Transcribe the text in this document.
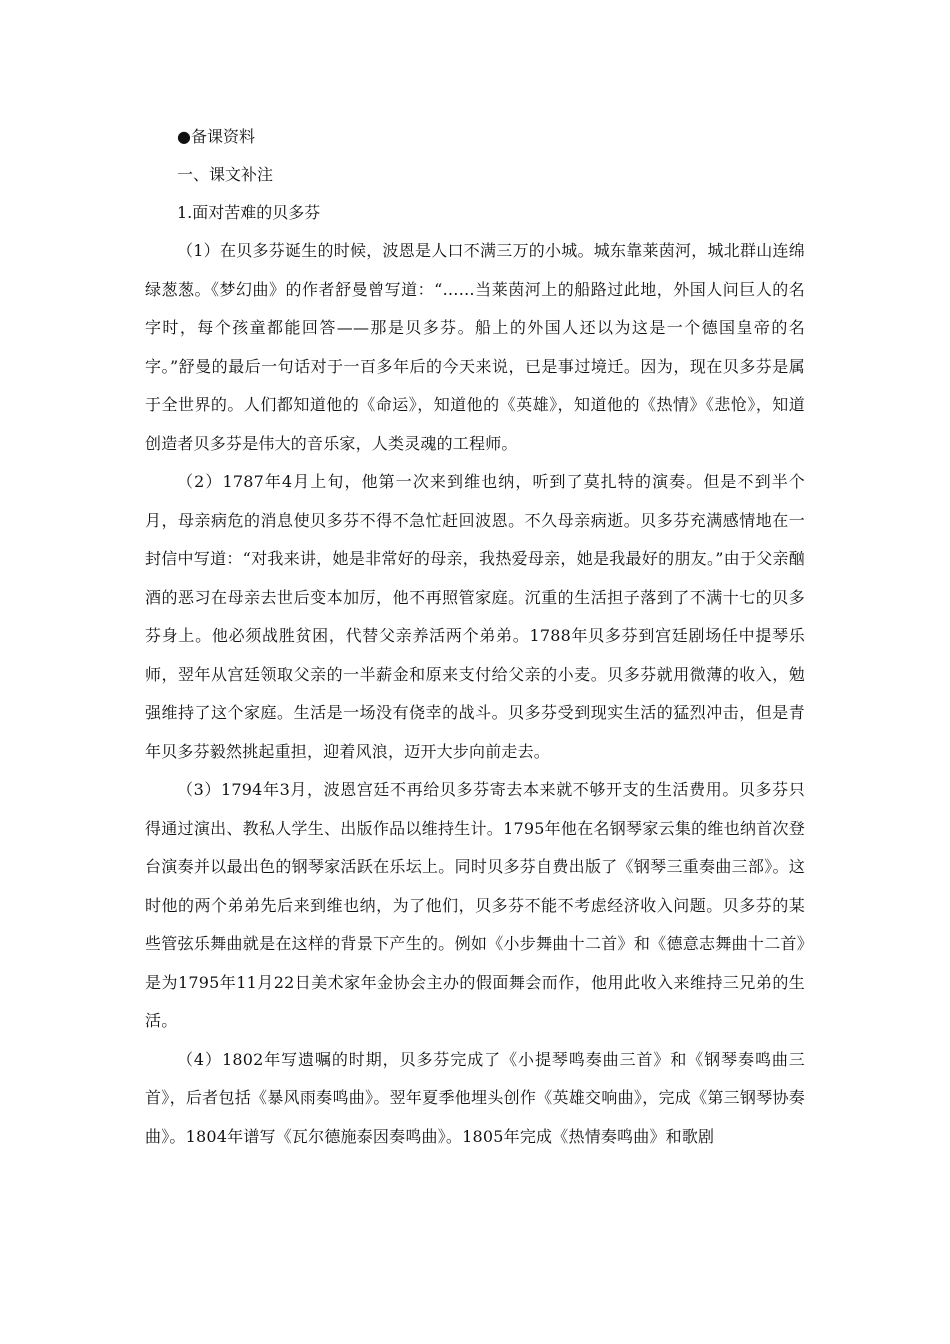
●备课资料

一、课文补注

1.面对苦难的贝多芬

（1）在贝多芬诞生的时候，波恩是人口不满三万的小城。城东靠莱茵河，城北群山连绵绿葱葱。《梦幻曲》的作者舒曼曾写道：“……当莱茵河上的船路过此地，外国人问巨人的名字时，每个孩童都能回答——那是贝多芬。船上的外国人还以为这是一个德国皇帝的名字。”舒曼的最后一句话对于一百多年后的今天来说，已是事过境迁。因为，现在贝多芬是属于全世界的。人们都知道他的《命运》，知道他的《英雄》，知道他的《热情》《悲怆》，知道创造者贝多芬是伟大的音乐家，人类灵魂的工程师。

（2）1787年4月上旬，他第一次来到维也纳，听到了莫扎特的演奏。但是不到半个月，母亲病危的消息使贝多芬不得不急忙赶回波恩。不久母亲病逝。贝多芬充满感情地在一封信中写道：“对我来讲，她是非常好的母亲，我热爱母亲，她是我最好的朋友。”由于父亲酗酒的恶习在母亲去世后变本加厉，他不再照管家庭。沉重的生活担子落到了不满十七的贝多芬身上。他必须战胜贫困，代替父亲养活两个弟弟。1788年贝多芬到宫廷剧场任中提琴乐师，翌年从宫廷领取父亲的一半薪金和原来支付给父亲的小麦。贝多芬就用微薄的收入，勉强维持了这个家庭。生活是一场没有侥幸的战斗。贝多芬受到现实生活的猛烈冲击，但是青年贝多芬毅然挑起重担，迎着风浪，迈开大步向前走去。

（3）1794年3月，波恩宫廷不再给贝多芬寄去本来就不够开支的生活费用。贝多芬只得通过演出、教私人学生、出版作品以维持生计。1795年他在名钢琴家云集的维也纳首次登台演奏并以最出色的钢琴家活跃在乐坛上。同时贝多芬自费出版了《钢琴三重奏曲三部》。这时他的两个弟弟先后来到维也纳，为了他们，贝多芬不能不考虑经济收入问题。贝多芬的某些管弦乐舞曲就是在这样的背景下产生的。例如《小步舞曲十二首》和《德意志舞曲十二首》是为1795年11月22日美术家年金协会主办的假面舞会而作，他用此收入来维持三兄弟的生活。

（4）1802年写遗嘱的时期，贝多芬完成了《小提琴鸣奏曲三首》和《钢琴奏鸣曲三首》，后者包括《暴风雨奏鸣曲》。翌年夏季他埋头创作《英雄交响曲》，完成《第三钢琴协奏曲》。1804年谱写《瓦尔德施泰因奏鸣曲》。1805年完成《热情奏鸣曲》和歌剧
